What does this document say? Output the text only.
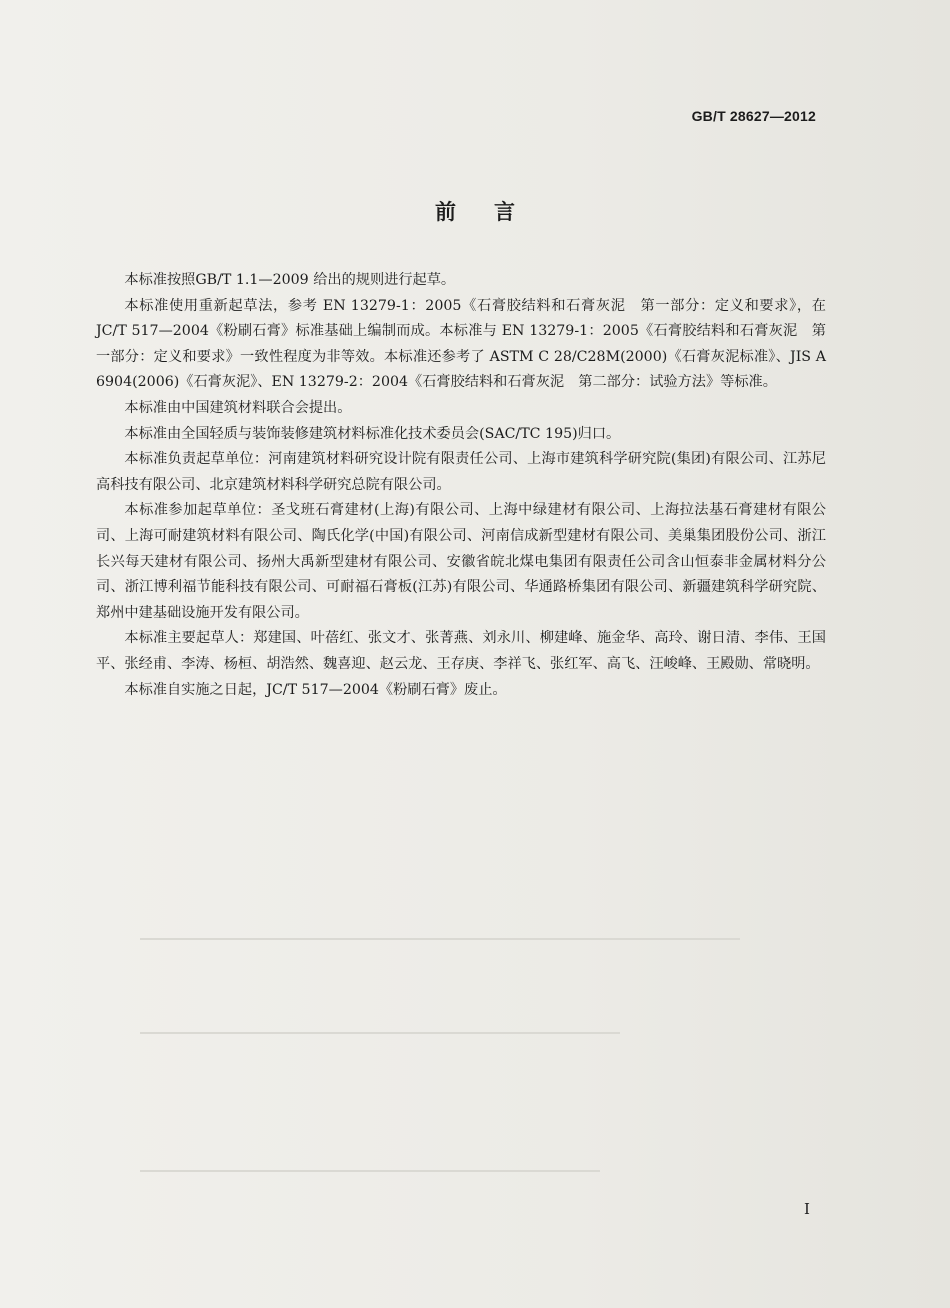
GB/T 28627—2012
前言

本标准按照GB/T 1.1—2009 给出的规则进行起草。

本标准使用重新起草法，参考 EN 13279-1：2005《石膏胶结料和石膏灰泥　第一部分：定义和要求》，在JC/T 517—2004《粉刷石膏》标准基础上编制而成。本标准与 EN 13279-1：2005《石膏胶结料和石膏灰泥　第一部分：定义和要求》一致性程度为非等效。本标准还参考了 ASTM C 28/C28M(2000)《石膏灰泥标准》、JIS A 6904(2006)《石膏灰泥》、EN 13279-2：2004《石膏胶结料和石膏灰泥　第二部分：试验方法》等标准。

本标准由中国建筑材料联合会提出。

本标准由全国轻质与装饰装修建筑材料标准化技术委员会(SAC/TC 195)归口。

本标准负责起草单位：河南建筑材料研究设计院有限责任公司、上海市建筑科学研究院(集团)有限公司、江苏尼高科技有限公司、北京建筑材料科学研究总院有限公司。

本标准参加起草单位：圣戈班石膏建材(上海)有限公司、上海中绿建材有限公司、上海拉法基石膏建材有限公司、上海可耐建筑材料有限公司、陶氏化学(中国)有限公司、河南信成新型建材有限公司、美巢集团股份公司、浙江长兴每天建材有限公司、扬州大禹新型建材有限公司、安徽省皖北煤电集团有限责任公司含山恒泰非金属材料分公司、浙江博利福节能科技有限公司、可耐福石膏板(江苏)有限公司、华通路桥集团有限公司、新疆建筑科学研究院、郑州中建基础设施开发有限公司。

本标准主要起草人：郑建国、叶蓓红、张文才、张菁燕、刘永川、柳建峰、施金华、高玲、谢日清、李伟、王国平、张经甫、李涛、杨桓、胡浩然、魏喜迎、赵云龙、王存庚、李祥飞、张红军、高飞、汪峻峰、王殿勋、常晓明。

本标准自实施之日起，JC/T 517—2004《粉刷石膏》废止。

I
